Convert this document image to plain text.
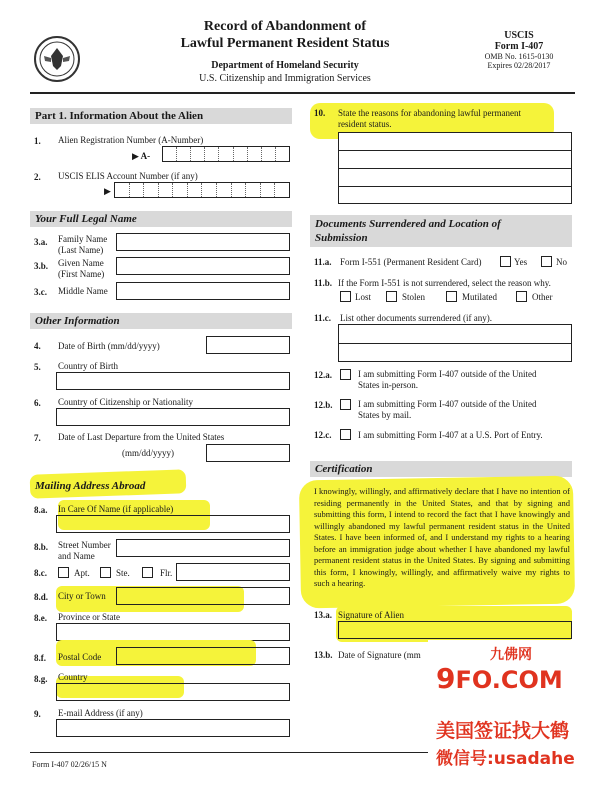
Record of Abandonment of
Lawful Permanent Resident Status
Department of Homeland Security
U.S. Citizenship and Immigration Services
USCIS
Form I-407
OMB No. 1615-0130
Expires 02/28/2017
Part 1. Information About the Alien
1. Alien Registration Number (A-Number)
▶ A-
2. USCIS ELIS Account Number (if any)
▶
Your Full Legal Name
3.a. Family Name
(Last Name)
3.b. Given Name
(First Name)
3.c. Middle Name
Other Information
4. Date of Birth (mm/dd/yyyy)
5. Country of Birth
6. Country of Citizenship or Nationality
7. Date of Last Departure from the United States
(mm/dd/yyyy)
Mailing Address Abroad
8.a. In Care Of Name (if applicable)
8.b. Street Number
and Name
8.c.	Apt.	Ste.	Flr.
8.d. City or Town
8.e. Province or State
8.f. Postal Code
8.g. Country
9. E-mail Address (if any)
10. State the reasons for abandoning lawful permanent
resident status.
Documents Surrendered and Location of
Submission
11.a. Form I-551 (Permanent Resident Card)	Yes	No
11.b. If the Form I-551 is not surrendered, select the reason why.
Lost	Stolen	Mutilated	Other
11.c. List other documents surrendered (if any).
12.a.	I am submitting Form I-407 outside of the United
States in-person.
12.b.	I am submitting Form I-407 outside of the United
States by mail.
12.c.	I am submitting Form I-407 at a U.S. Port of Entry.
Certification
I knowingly, willingly, and affirmatively declare that I have no intention of residing permanently in the United States, and that by signing and submitting this form, I intend to record the fact that I have knowingly and willingly abandoned my lawful permanent resident status in the United States. I have been informed of, and I understand my rights to a hearing before an immigration judge about whether I have abandoned my lawful permanent resident status in the United States. By signing and submitting this form, I knowingly, willingly, and affirmatively waive my rights to such a hearing.
13.a. Signature of Alien
13.b. Date of Signature (mm
Form I-407 02/26/15 N
九佛网
9FO.COM
美国签证找大鹤
微信号:usadahe
